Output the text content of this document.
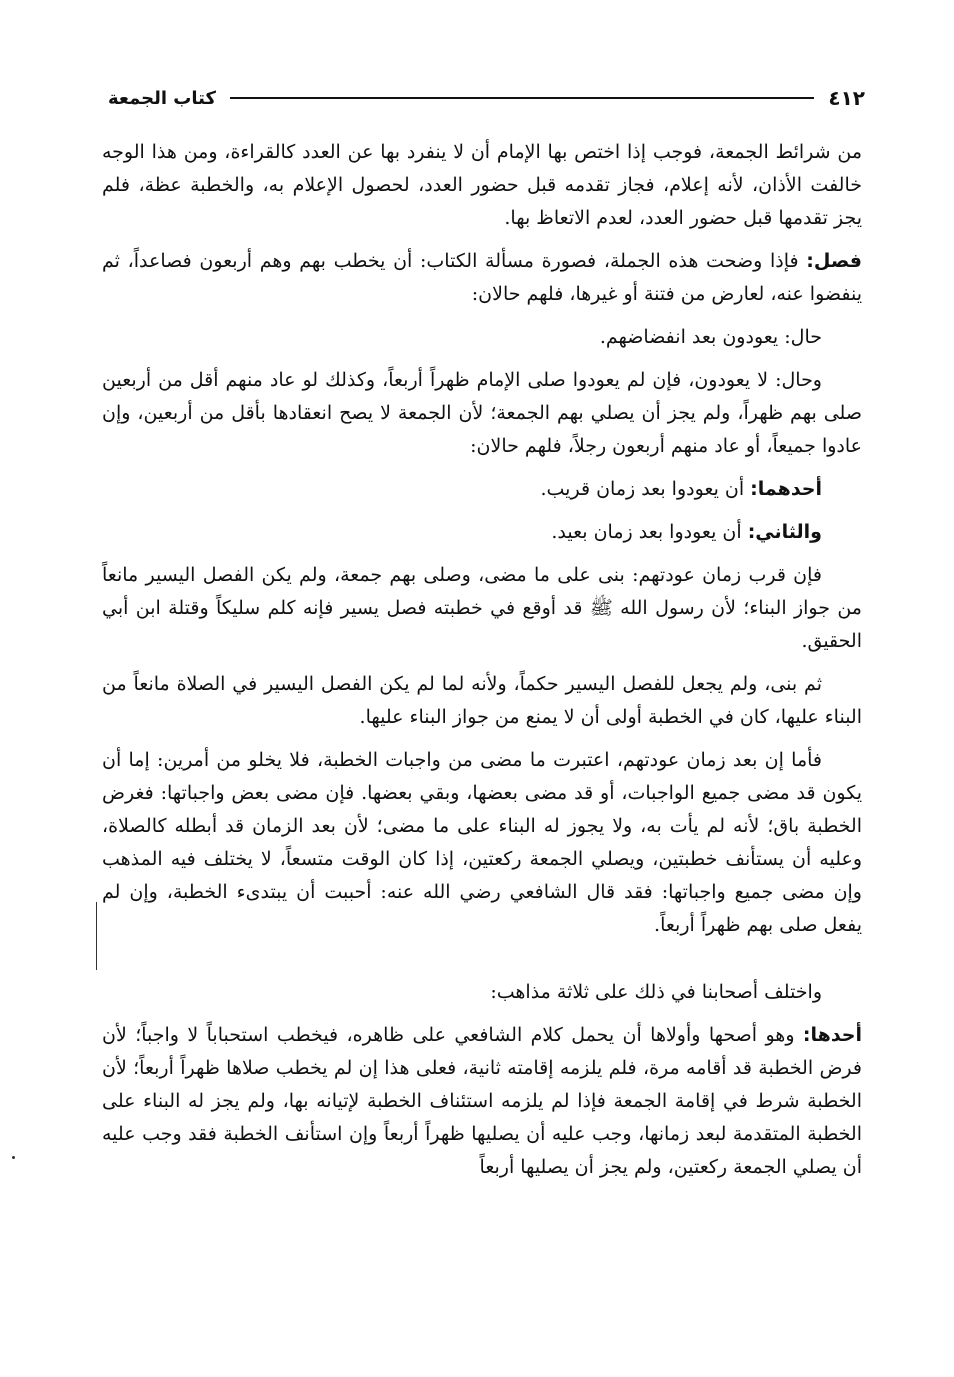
٤١٢
كتاب الجمعة

من شرائط الجمعة، فوجب إذا اختص بها الإمام أن لا ينفرد بها عن العدد كالقراءة، ومن هذا الوجه خالفت الأذان، لأنه إعلام، فجاز تقدمه قبل حضور العدد، لحصول الإعلام به، والخطبة عظة، فلم يجز تقدمها قبل حضور العدد، لعدم الاتعاظ بها.

فصل: فإذا وضحت هذه الجملة، فصورة مسألة الكتاب: أن يخطب بهم وهم أربعون فصاعداً، ثم ينفضوا عنه، لعارض من فتنة أو غيرها، فلهم حالان:

حال: يعودون بعد انفضاضهم.

وحال: لا يعودون، فإن لم يعودوا صلى الإمام ظهراً أربعاً، وكذلك لو عاد منهم أقل من أربعين صلى بهم ظهراً، ولم يجز أن يصلي بهم الجمعة؛ لأن الجمعة لا يصح انعقادها بأقل من أربعين، وإن عادوا جميعاً، أو عاد منهم أربعون رجلاً، فلهم حالان:

أحدهما: أن يعودوا بعد زمان قريب.

والثاني: أن يعودوا بعد زمان بعيد.

فإن قرب زمان عودتهم: بنى على ما مضى، وصلى بهم جمعة، ولم يكن الفصل اليسير مانعاً من جواز البناء؛ لأن رسول الله ﷺ قد أوقع في خطبته فصل يسير فإنه كلم سليكاً وقتلة ابن أبي الحقيق.

ثم بنى، ولم يجعل للفصل اليسير حكماً، ولأنه لما لم يكن الفصل اليسير في الصلاة مانعاً من البناء عليها، كان في الخطبة أولى أن لا يمنع من جواز البناء عليها.

فأما إن بعد زمان عودتهم، اعتبرت ما مضى من واجبات الخطبة، فلا يخلو من أمرين: إما أن يكون قد مضى جميع الواجبات، أو قد مضى بعضها، وبقي بعضها. فإن مضى بعض واجباتها: فغرض الخطبة باق؛ لأنه لم يأت به، ولا يجوز له البناء على ما مضى؛ لأن بعد الزمان قد أبطله كالصلاة، وعليه أن يستأنف خطبتين، ويصلي الجمعة ركعتين، إذا كان الوقت متسعاً، لا يختلف فيه المذهب وإن مضى جميع واجباتها: فقد قال الشافعي رضي الله عنه: أحببت أن يبتدىء الخطبة، وإن لم يفعل صلى بهم ظهراً أربعاً.

واختلف أصحابنا في ذلك على ثلاثة مذاهب:

أحدها: وهو أصحها وأولاها أن يحمل كلام الشافعي على ظاهره، فيخطب استحباباً لا واجباً؛ لأن فرض الخطبة قد أقامه مرة، فلم يلزمه إقامته ثانية، فعلى هذا إن لم يخطب صلاها ظهراً أربعاً؛ لأن الخطبة شرط في إقامة الجمعة فإذا لم يلزمه استئناف الخطبة لإتيانه بها، ولم يجز له البناء على الخطبة المتقدمة لبعد زمانها، وجب عليه أن يصليها ظهراً أربعاً وإن استأنف الخطبة فقد وجب عليه أن يصلي الجمعة ركعتين، ولم يجز أن يصليها أربعاً
